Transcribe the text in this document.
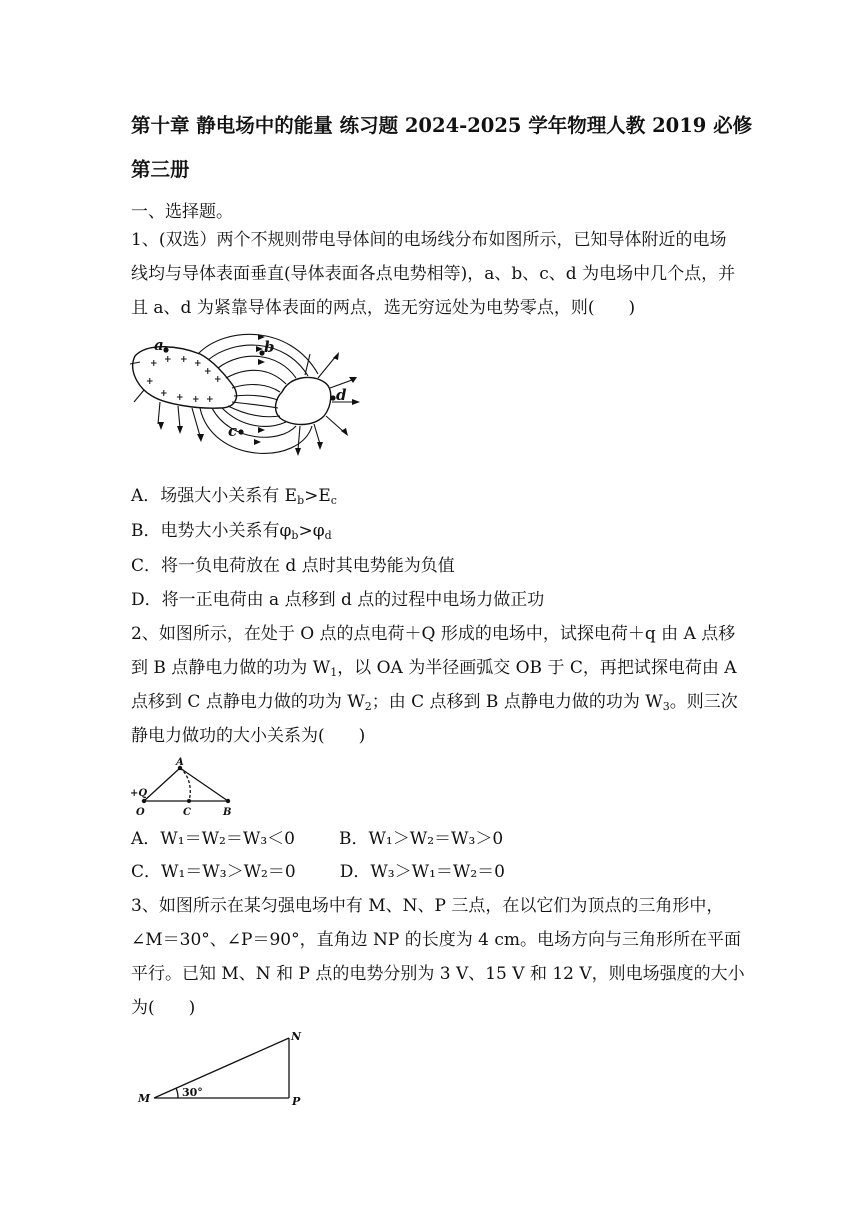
第十章 静电场中的能量 练习题 2024-2025 学年物理人教 2019 必修
第三册
一、选择题。
1、(双选）两个不规则带电导体间的电场线分布如图所示，已知导体附近的电场
线均与导体表面垂直(导体表面各点电势相等)，a、b、c、d 为电场中几个点，并
且 a、d 为紧靠导体表面的两点，选无穷远处为电势零点，则(　　)
+ + + +
+
+
+ + + +
+
a	b
c
d
A．场强大小关系有 $E_b>E_c$
B．电势大小关系有$\varphi_b>\varphi_d$
C．将一负电荷放在 d 点时其电势能为负值
D．将一正电荷由 a 点移到 d 点的过程中电场力做正功
2、如图所示，在处于 O 点的点电荷＋Q 形成的电场中，试探电荷＋q 由 A 点移
到 B 点静电力做的功为 $W_1$，以 OA 为半径画弧交 OB 于 C，再把试探电荷由 A
点移到 C 点静电力做的功为 $W_2$；由 C 点移到 B 点静电力做的功为 $W_3$。则三次
静电力做功的大小关系为(　　)
A
+Q
O	C	B
A．W₁＝W₂＝W₃＜0	B．W₁＞W₂＝W₃＞0
C．W₁＝W₃＞W₂＝0	D．W₃＞W₁＝W₂＝0
3、如图所示在某匀强电场中有 M、N、P 三点，在以它们为顶点的三角形中，
∠M＝30°、∠P＝90°，直角边 NP 的长度为 4 cm。电场方向与三角形所在平面
平行。已知 M、N 和 P 点的电势分别为 3 V、15 V 和 12 V，则电场强度的大小
为(　　)
N
M	P
30°
